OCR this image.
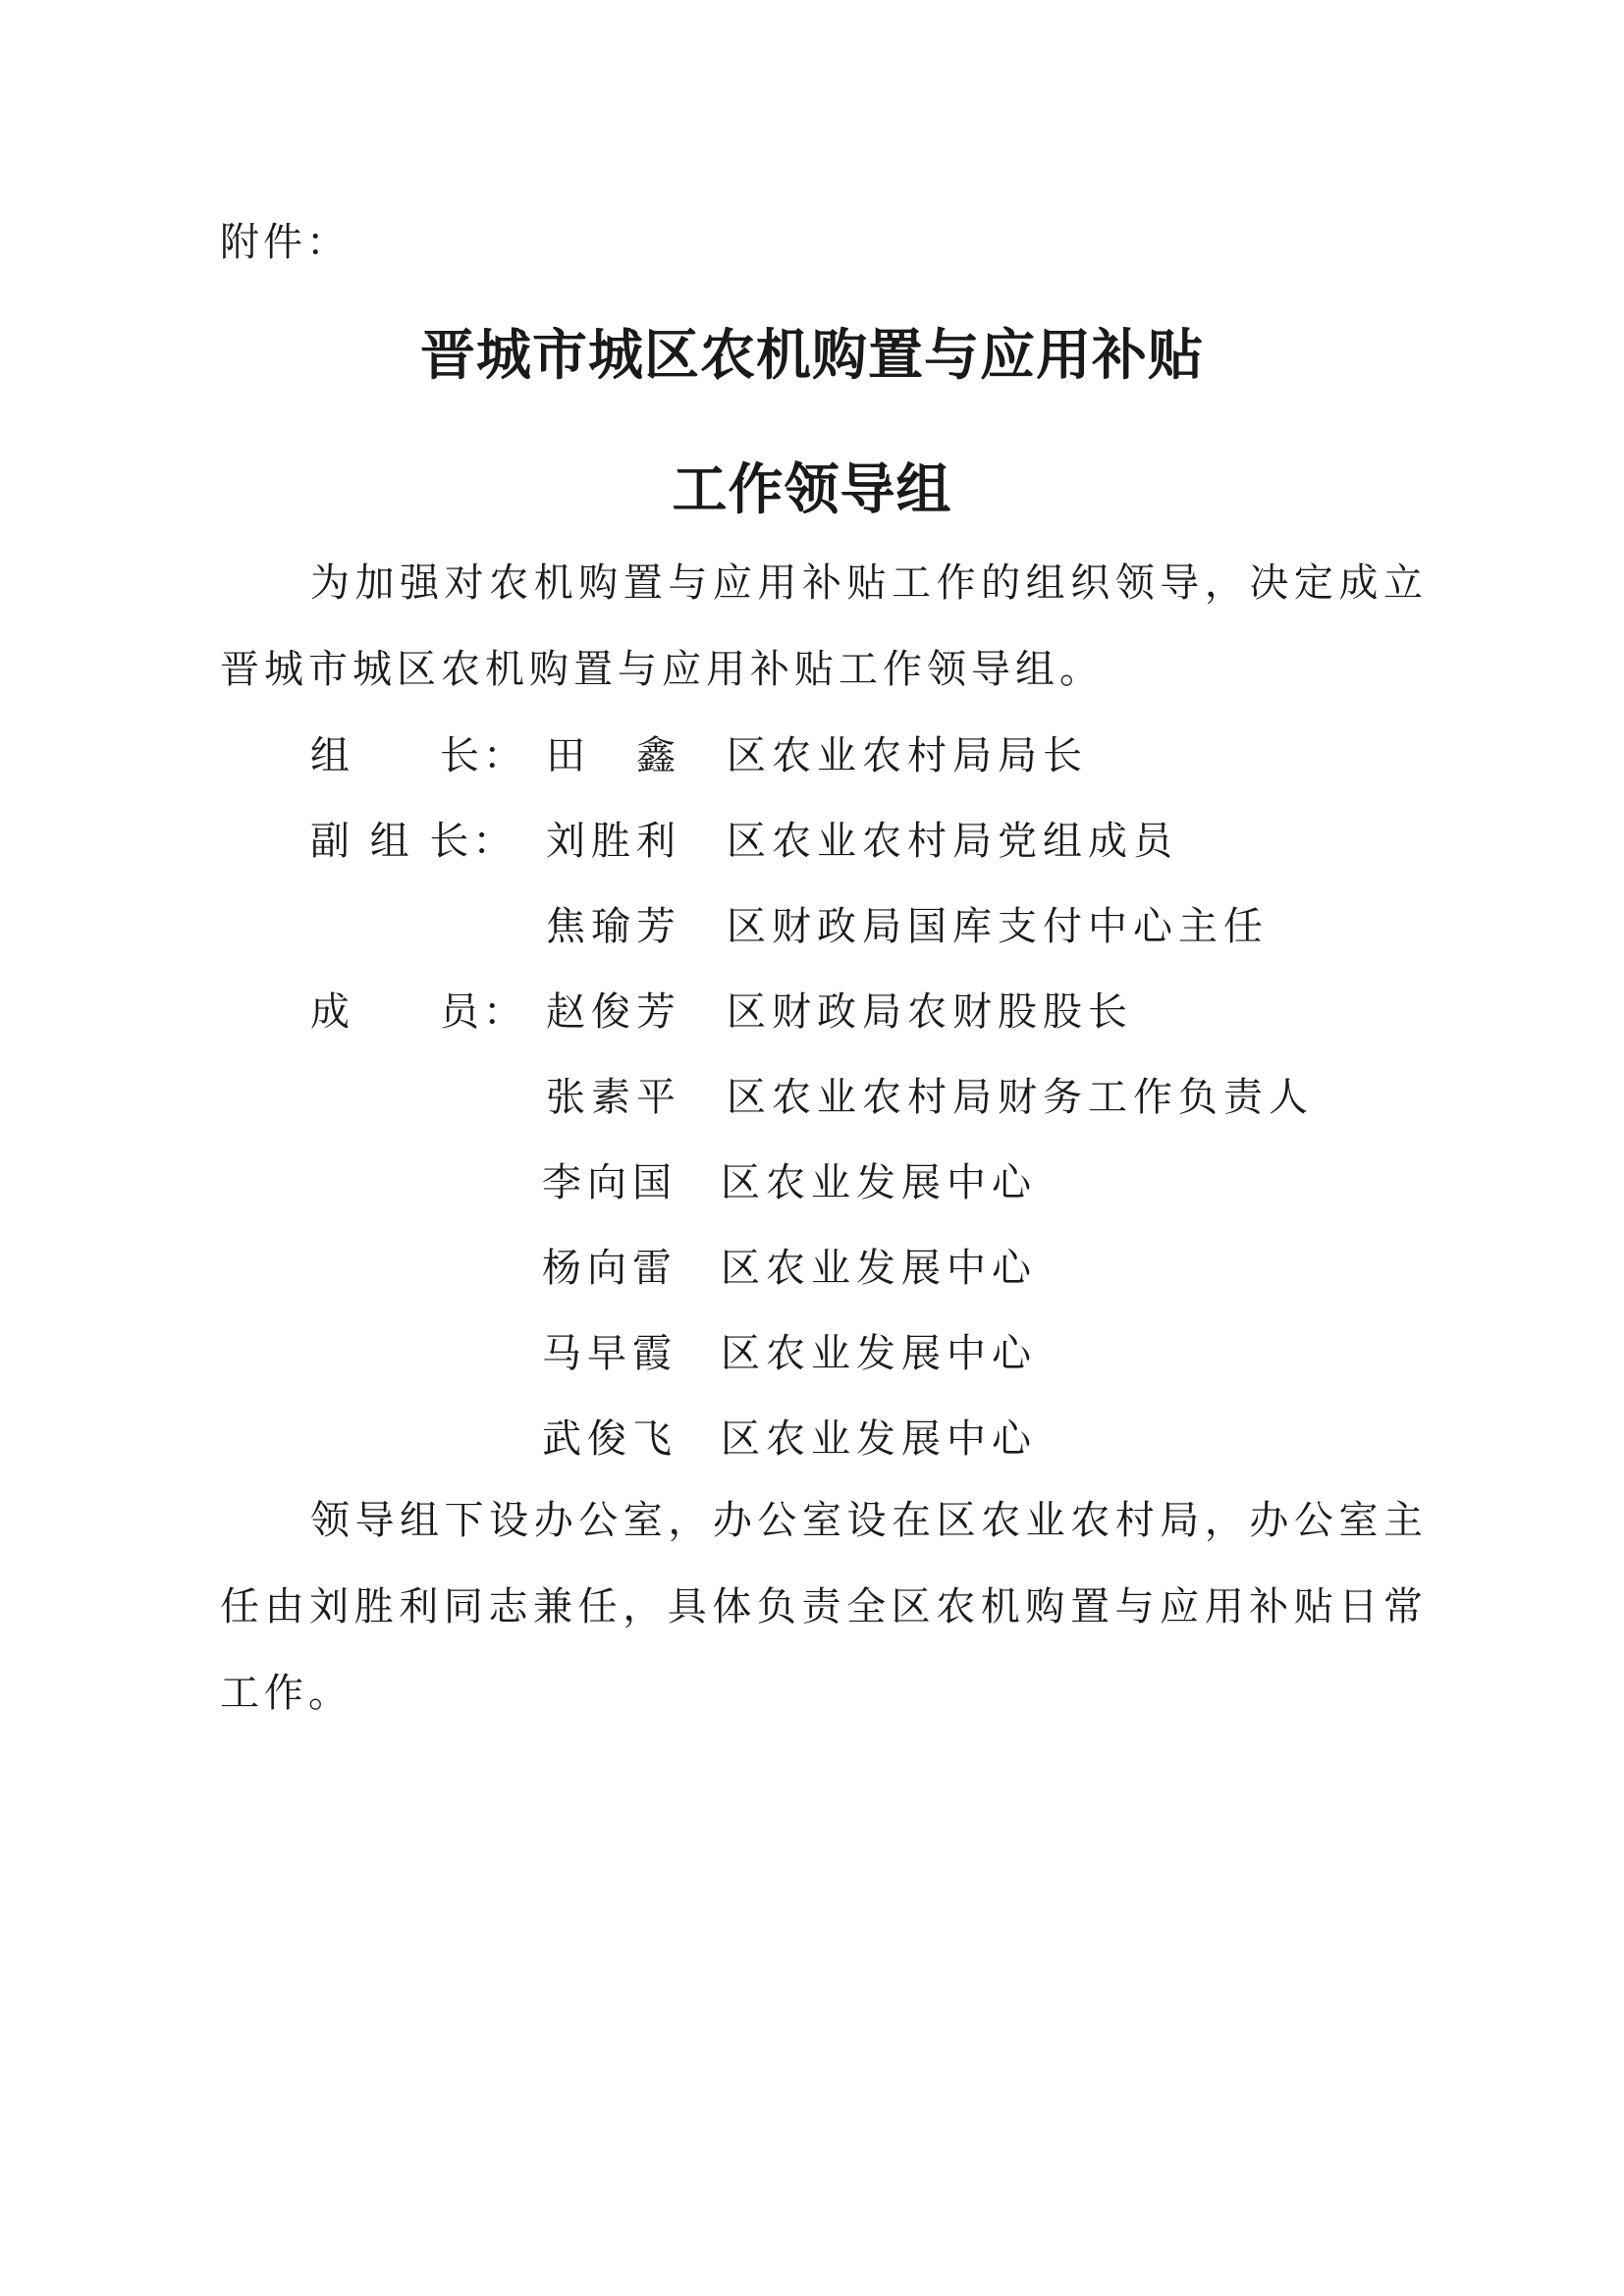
附件：
晋城市城区农机购置与应用补贴
工作领导组
为加强对农机购置与应用补贴工作的组织领导，决定成立晋城市城区农机购置与应用补贴工作领导组。
组　　长： 田　鑫 区农业农村局局长
副 组 长： 刘胜利 区农业农村局党组成员
焦瑜芳 区财政局国库支付中心主任
成　　员： 赵俊芳 区财政局农财股股长
张素平 区农业农村局财务工作负责人
李向国 区农业发展中心
杨向雷 区农业发展中心
马早霞 区农业发展中心
武俊飞 区农业发展中心
领导组下设办公室，办公室设在区农业农村局，办公室主任由刘胜利同志兼任，具体负责全区农机购置与应用补贴日常工作。
